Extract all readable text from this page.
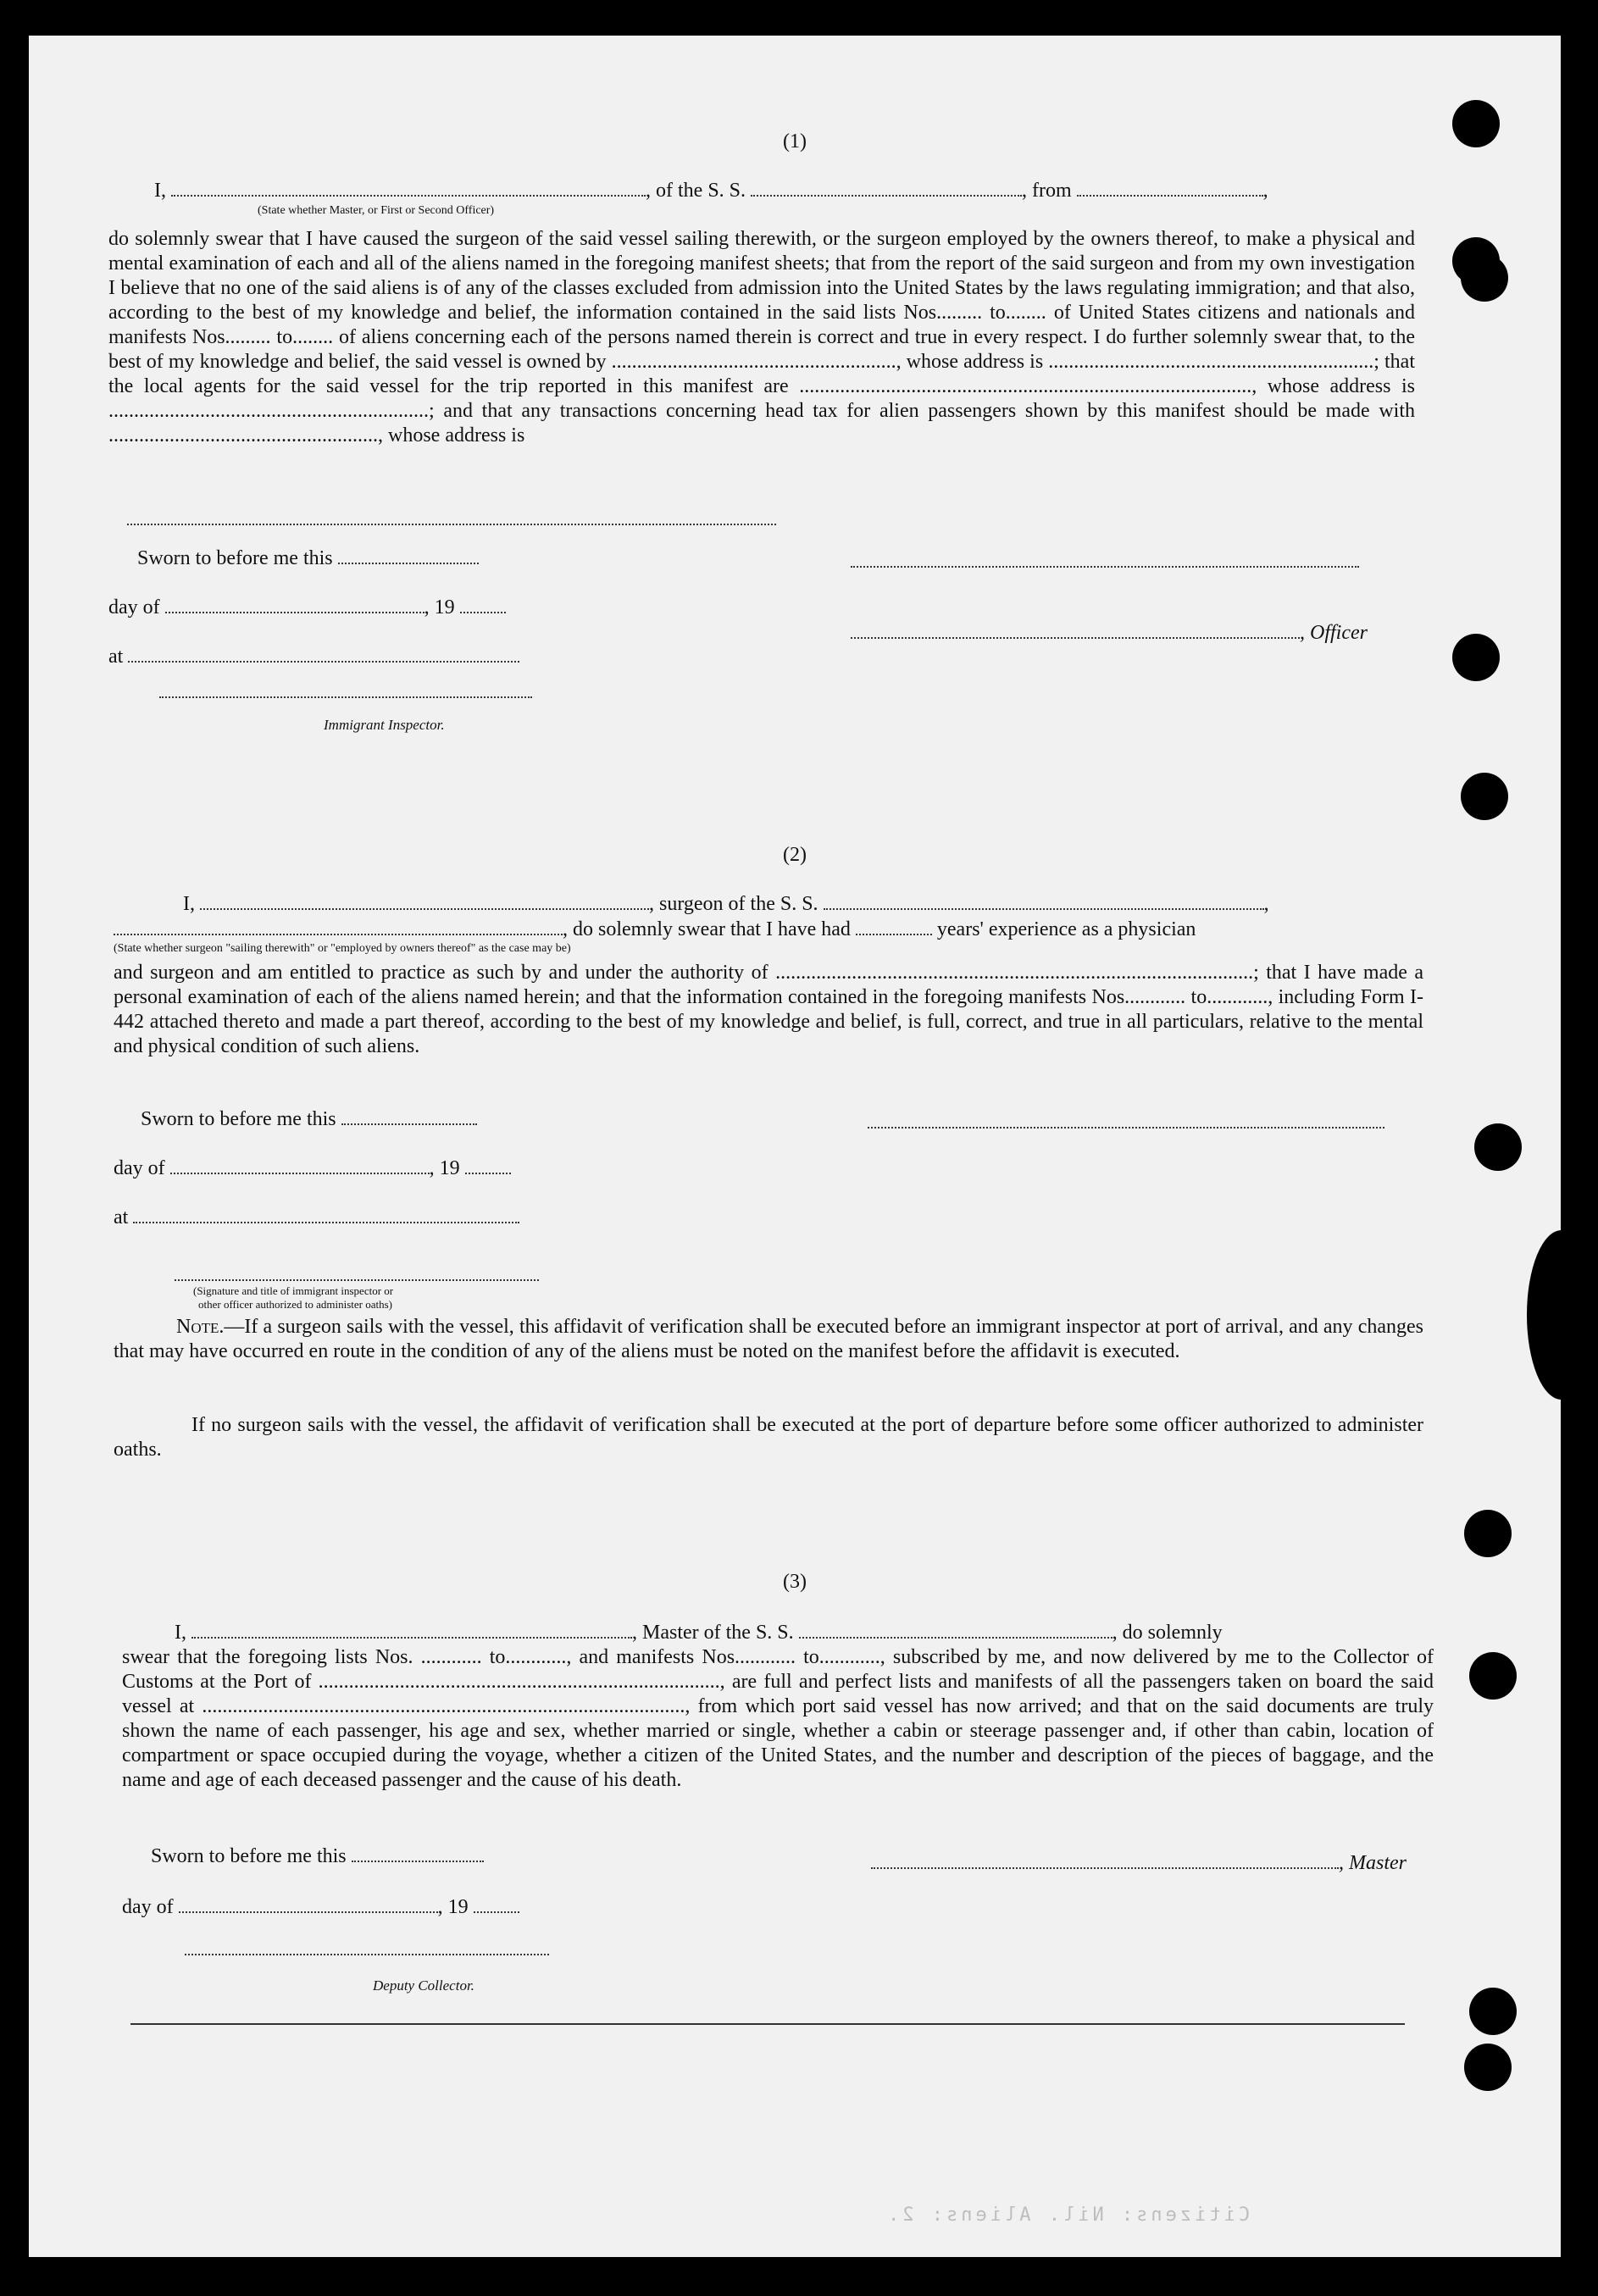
(1)
I,	, of the S. S.	, from	,
(State whether Master, or First or Second Officer)
do solemnly swear that I have caused the surgeon of the said vessel sailing therewith, or the surgeon employed by the owners thereof, to make a physical and mental examination of each and all of the aliens named in the foregoing manifest sheets; that from the report of the said surgeon and from my own investigation I believe that no one of the said aliens is of any of the classes excluded from admission into the United States by the laws regulating immigration; and that also, according to the best of my knowledge and belief, the information contained in the said lists Nos......... to........ of United States citizens and nationals and manifests Nos......... to........ of aliens concerning each of the persons named therein is correct and true in every respect. I do further solemnly swear that, to the best of my knowledge and belief, the said vessel is owned by ........................................................, whose address is ................................................................; that the local agents for the said vessel for the trip reported in this manifest are ........................................................................................., whose address is ...............................................................; and that any transactions concerning head tax for alien passengers shown by this manifest should be made with ....................................................., whose address is
Sworn to before me this
day of	, 19
at
, Officer
Immigrant Inspector.
(2)
I,	, surgeon of the S. S.	,
, do solemnly swear that I have had	years' experience as a physician
(State whether surgeon "sailing therewith" or "employed by owners thereof" as the case may be)
and surgeon and am entitled to practice as such by and under the authority of ..............................................................................................; that I have made a personal examination of each of the aliens named herein; and that the information contained in the foregoing manifests Nos............ to............, including Form I-442 attached thereto and made a part thereof, according to the best of my knowledge and belief, is full, correct, and true in all particulars, relative to the mental and physical condition of such aliens.
Sworn to before me this
day of	, 19
at
(Signature and title of immigrant inspector or
other officer authorized to administer oaths)
Note.—If a surgeon sails with the vessel, this affidavit of verification shall be executed before an immigrant inspector at port of arrival, and any changes that may have occurred en route in the condition of any of the aliens must be noted on the manifest before the affidavit is executed.
If no surgeon sails with the vessel, the affidavit of verification shall be executed at the port of departure before some officer authorized to administer oaths.
(3)
I,	, Master of the S. S.	, do solemnly
swear that the foregoing lists Nos. ............ to............, and manifests Nos............ to............, subscribed by me, and now delivered by me to the Collector of Customs at the Port of ..............................................................................., are full and perfect lists and manifests of all the passengers taken on board the said vessel at ..............................................................................................., from which port said vessel has now arrived; and that on the said documents are truly shown the name of each passenger, his age and sex, whether married or single, whether a cabin or steerage passenger and, if other than cabin, location of compartment or space occupied during the voyage, whether a citizen of the United States, and the number and description of the pieces of baggage, and the name and age of each deceased passenger and the cause of his death.
Sworn to before me this	, Master
day of	, 19
Deputy Collector.
Citizens: Nil. Aliens: 2.
